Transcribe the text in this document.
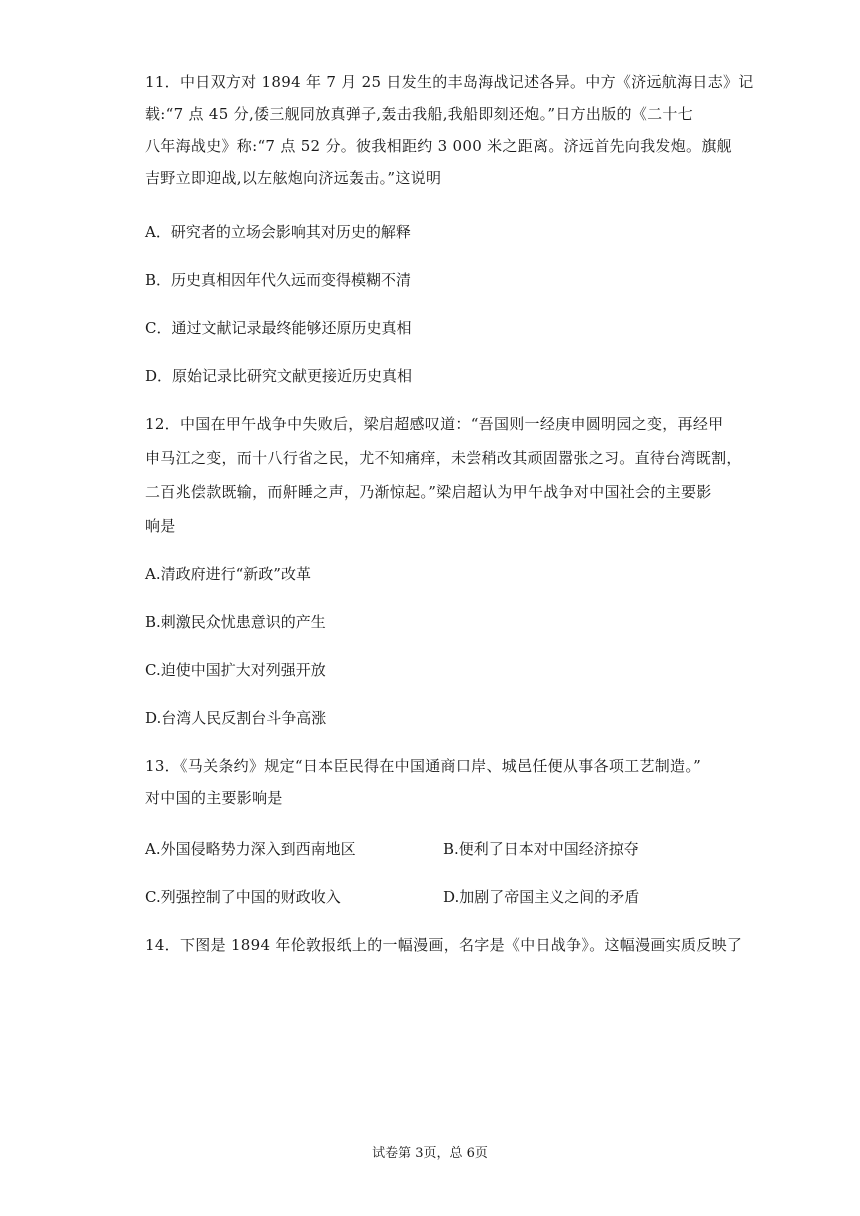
11．中日双方对 1894 年 7 月 25 日发生的丰岛海战记述各异。中方《济远航海日志》记
载:“7 点 45 分,倭三舰同放真弹子,轰击我船,我船即刻还炮。”日方出版的《二十七
八年海战史》称:“7 点 52 分。彼我相距约 3 000 米之距离。济远首先向我发炮。旗舰
吉野立即迎战,以左舷炮向济远轰击。”这说明
A．研究者的立场会影响其对历史的解释
B．历史真相因年代久远而变得模糊不清
C．通过文献记录最终能够还原历史真相
D．原始记录比研究文献更接近历史真相
12．中国在甲午战争中失败后，梁启超感叹道：“吾国则一经庚申圆明园之变，再经甲
申马江之变，而十八行省之民，尤不知痛痒，未尝稍改其顽固嚣张之习。直待台湾既割，
二百兆偿款既输，而鼾睡之声，乃渐惊起。”梁启超认为甲午战争对中国社会的主要影
响是
A.清政府进行“新政”改革
B.刺激民众忧患意识的产生
C.迫使中国扩大对列强开放
D.台湾人民反割台斗争高涨
13．《马关条约》规定“日本臣民得在中国通商口岸、城邑任便从事各项工艺制造。”
对中国的主要影响是
A.外国侵略势力深入到西南地区	B.便利了日本对中国经济掠夺
C.列强控制了中国的财政收入	D.加剧了帝国主义之间的矛盾
14．下图是 1894 年伦敦报纸上的一幅漫画，名字是《中日战争》。这幅漫画实质反映了
试卷第 3页，总 6页
